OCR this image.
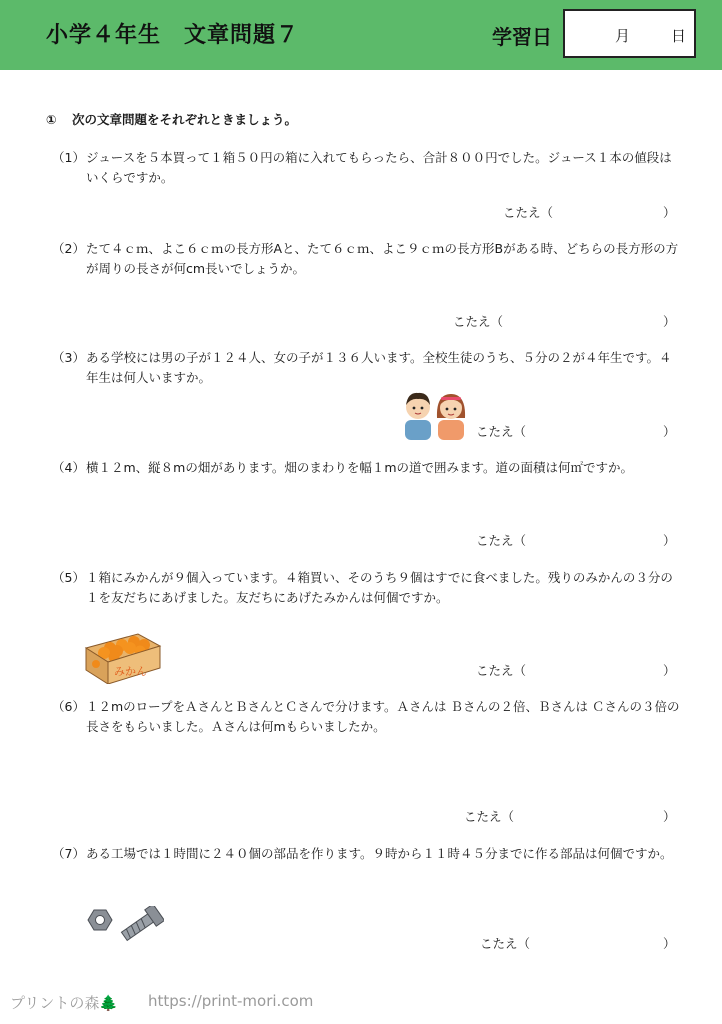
小学４年生　文章問題７	学習日	月	日
① 次の文章問題をそれぞれときましょう。
（1） ジュースを５本買って１箱５０円の箱に入れてもらったら、合計８００円でした。ジュース１本の値段はいくらですか。
こたえ（	）
（2） たて４ｃｍ、よこ６ｃｍの長方形Aと、たて６ｃｍ、よこ９ｃｍの長方形Bがある時、どちらの長方形の方が周りの長さが何cm長いでしょうか。
こたえ（	）
（3） ある学校には男の子が１２４人、女の子が１３６人います。全校生徒のうち、５分の２が４年生です。４年生は何人いますか。
こたえ（	）
（4） 横１２m、縦８mの畑があります。畑のまわりを幅１mの道で囲みます。道の面積は何㎡ですか。
こたえ（	）
（5） １箱にみかんが９個入っています。４箱買い、そのうち９個はすでに食べました。残りのみかんの３分の１を友だちにあげました。友だちにあげたみかんは何個ですか。
みかん	こたえ（	）
（6） １２mのロープをＡさんとＢさんとＣさんで分けます。Ａさんは Ｂさんの２倍、Ｂさんは Ｃさんの３倍の長さをもらいました。Ａさんは何mもらいましたか。
こたえ（	）
（7） ある工場では１時間に２４０個の部品を作ります。９時から１１時４５分までに作る部品は何個ですか。
こたえ（	）
プリントの森🌲 https://print-mori.com
